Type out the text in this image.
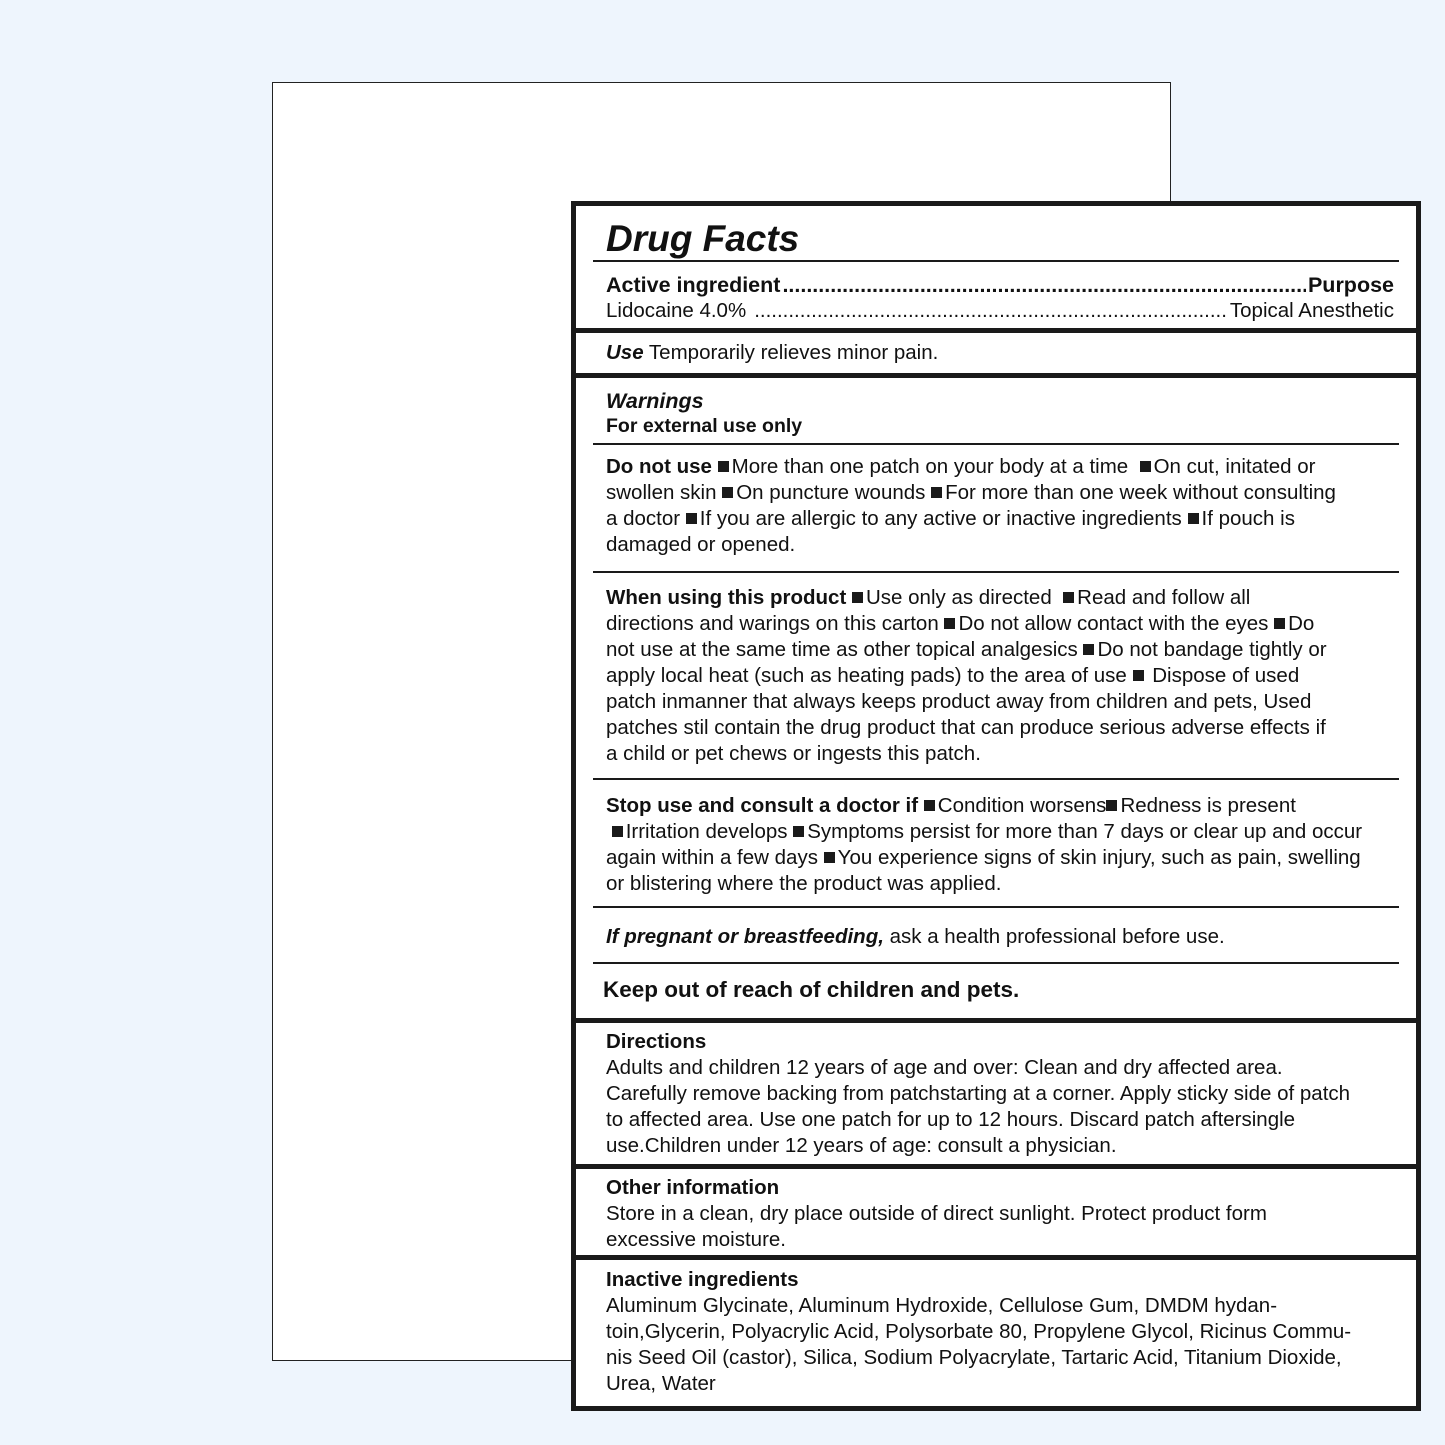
Drug Facts
Active ingredient .....	Purpose
Lidocaine 4.0% .....	Topical Anesthetic

Use Temporarily relieves minor pain.

Warnings

For external use only

Do not use More than one patch on your body at a time On cut, initated or

swollen skin On puncture wounds For more than one week without consulting

a doctor If you are allergic to any active or inactive ingredients If pouch is

damaged or opened.

When using this product Use only as directed Read and follow all

directions and warings on this carton Do not allow contact with the eyes Do

not use at the same time as other topical analgesics Do not bandage tightly or

apply local heat (such as heating pads) to the area of use  Dispose of used

patch inmanner that always keeps product away from children and pets, Used

patches stil contain the drug product that can produce serious adverse effects if

a child or pet chews or ingests this patch.

Stop use and consult a doctor if Condition worsens Redness is present

Irritation develops Symptoms persist for more than 7 days or clear up and occur

again within a few days You experience signs of skin injury, such as pain, swelling

or blistering where the product was applied.

If pregnant or breastfeeding, ask a health professional before use.

Keep out of reach of children and pets.

Directions

Adults and children 12 years of age and over: Clean and dry affected area.

Carefully remove backing from patchstarting at a corner. Apply sticky side of patch

to affected area. Use one patch for up to 12 hours. Discard patch aftersingle

use.Children under 12 years of age: consult a physician.

Other information

Store in a clean, dry place outside of direct sunlight. Protect product form

excessive moisture.

Inactive ingredients

Aluminum Glycinate, Aluminum Hydroxide, Cellulose Gum, DMDM hydan-

toin,Glycerin, Polyacrylic Acid, Polysorbate 80, Propylene Glycol, Ricinus Commu-

nis Seed Oil (castor), Silica, Sodium Polyacrylate, Tartaric Acid, Titanium Dioxide,

Urea, Water
